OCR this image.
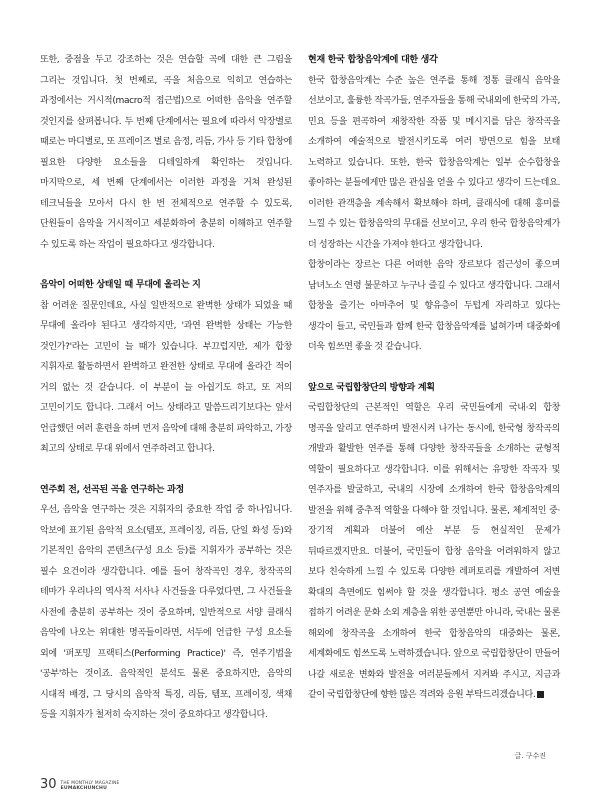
또한, 중점을 두고 강조하는 것은 연습할 곡에 대한 큰 그림을 그리는 것입니다. 첫 번째로, 곡을 처음으로 익히고 연습하는 과정에서는 거시적(macro적 접근법)으로 어떠한 음악을 연주할 것인지를 살펴봅니다. 두 번째 단계에서는 필요에 따라서 악장별로 때로는 마디별로, 또 프레이즈 별로 음정, 리듬, 가사 등 기타 합창에 필요한 다양한 요소들을 디테일하게 확인하는 것입니다. 마지막으로, 세 번째 단계에서는 이러한 과정을 거쳐 완성된 테크닉들을 모아서 다시 한 번 전체적으로 연주할 수 있도록, 단원들이 음악을 거시적이고 세분화하여 충분히 이해하고 연주할 수 있도록 하는 작업이 필요하다고 생각합니다.

음악이 어떠한 상태일 때 무대에 올리는 지

참 어려운 질문인데요, 사실 일반적으로 완벽한 상태가 되었을 때 무대에 올라야 된다고 생각하지만, '과연 완벽한 상태는 가능한 것인가?'라는 고민이 늘 때가 있습니다. 부끄럽지만, 제가 합창 지휘자로 활동하면서 완벽하고 완전한 상태로 무대에 올라간 적이 거의 없는 것 같습니다. 이 부분이 늘 아쉽기도 하고, 또 저의 고민이기도 합니다. 그래서 어느 상태라고 말씀드리기보다는 앞서 언급했던 여러 훈련을 하며 먼저 음악에 대해 충분히 파악하고, 가장 최고의 상태로 무대 위에서 연주하려고 합니다.

연주회 전, 선곡된 곡을 연구하는 과정

우선, 음악을 연구하는 것은 지휘자의 중요한 작업 중 하나입니다. 악보에 표기된 음악적 요소(템포, 프레이징, 리듬, 단일 화성 등)와 기본적인 음악의 콘텐츠(구성 요소 등)를 지휘자가 공부하는 것은 필수 요건이라 생각합니다. 예를 들어 창작곡인 경우, 창작곡의 테마가 우리나의 역사적 서사나 사건들을 다루었다면, 그 사건들을 사전에 충분히 공부하는 것이 중요하며, 일반적으로 서양 클래식 음악에 나오는 위대한 명곡들이라면, 서두에 언급한 구성 요소들 외에 '퍼포밍 프랙티스(Performing Practice)' 즉, 연주기법을 '공부'하는 것이죠. 음악적인 분석도 물론 중요하지만, 음악의 시대적 배경, 그 당시의 음악적 특징, 리듬, 템포, 프레이징, 색채 등을 지휘자가 철저히 숙지하는 것이 중요하다고 생각합니다.

현재 한국 합창음악계에 대한 생각

한국 합창음악계는 수준 높은 연주를 통해 정통 클래식 음악을 선보이고, 훌륭한 작곡가들, 연주자들을 통해 국내외에 한국의 가곡, 민요 등을 편곡하여 재창작한 작품 및 메시지를 담은 창작곡을 소개하여 예술적으로 발전시키도록 여러 방면으로 힘을 보태 노력하고 있습니다. 또한, 한국 합창음악계는 일부 순수합창을 좋아하는 분들에게만 많은 관심을 얻을 수 있다고 생각이 드는데요. 이러한 관객층을 계속해서 확보해야 하며, 클래식에 대해 흥미를 느낄 수 있는 합창음악의 무대를 선보이고, 우리 한국 합창음악계가 더 성장하는 시간을 가져야 한다고 생각합니다.

합창이라는 장르는 다른 어떠한 음악 장르보다 접근성이 좋으며 남녀노소 연령 불문하고 누구나 즐길 수 있다고 생각합니다. 그래서 합창을 즐기는 아마추어 및 향유층이 두텁게 자리하고 있다는 생각이 들고, 국민들과 함께 한국 합창음악계를 넓혀가며 대중화에 더욱 힘쓰면 좋을 것 같습니다.

앞으로 국립합창단의 방향과 계획

국립합창단의 근본적인 역할은 우리 국민들에게 국내·외 합창 명곡을 알리고 연주하며 발전시켜 나가는 동시에, 한국형 창작곡의 개발과 활발한 연주를 통해 다양한 창작곡들을 소개하는 균형적 역할이 필요하다고 생각합니다. 이를 위해서는 유망한 작곡자 및 연주자를 발굴하고, 국내의 시장에 소개하여 한국 합창음악계의 발전을 위해 중추적 역할을 다해야 할 것입니다. 물론, 체계적인 중·장기적 계획과 더불어 예산 부분 등 현실적인 문제가 뒤따르겠지만요. 더불어, 국민들이 합창 음악을 어려워하지 않고 보다 친숙하게 느낄 수 있도록 다양한 레퍼토리를 개발하여 저변 확대의 측면에도 힘써야 할 것을 생각합니다. 평소 공연 예술을 접하기 어려운 문화 소외 계층을 위한 공연뿐만 아니라, 국내는 물론 해외에 창작곡을 소개하여 한국 합창음악의 대중화는 물론, 세계화에도 힘쓰도록 노력하겠습니다. 앞으로 국립합창단이 만들어 나갈 새로운 변화와 발전을 여러분들께서 지켜봐 주시고, 지금과 같이 국립합창단에 향한 많은 격려와 응원 부탁드리겠습니다.

글. 구수진
30 THE MONTHLY MAGAZINE
EUMAKCHUNCHU
